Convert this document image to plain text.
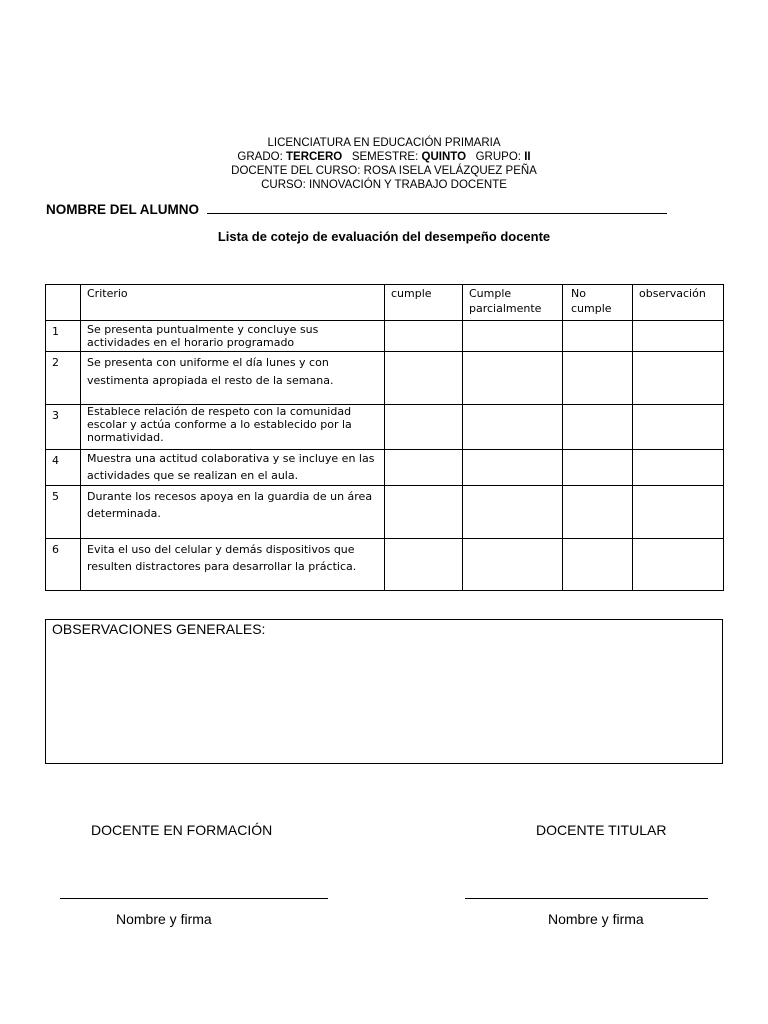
LICENCIATURA EN EDUCACIÓN PRIMARIA
GRADO: TERCERO SEMESTRE: QUINTO GRUPO: II
DOCENTE DEL CURSO: ROSA ISELA VELÁZQUEZ PEÑA
CURSO: INNOVACIÓN Y TRABAJO DOCENTE
NOMBRE DEL ALUMNO
Lista de cotejo de evaluación del desempeño docente
	Criterio	cumple	Cumple parcialmente	No cumple	observación
1	Se presenta puntualmente y concluye sus actividades en el horario programado				
2	Se presenta con uniforme el día lunes y con vestimenta apropiada el resto de la semana.				
3	Establece relación de respeto con la comunidad escolar y actúa conforme a lo establecido por la normatividad.				
4	Muestra una actitud colaborativa y se incluye en las actividades que se realizan en el aula.				
5	Durante los recesos apoya en la guardia de un área determinada.				
6	Evita el uso del celular y demás dispositivos que resulten distractores para desarrollar la práctica.				
OBSERVACIONES GENERALES:
DOCENTE EN FORMACIÓN	DOCENTE TITULAR
Nombre y firma	Nombre y firma
